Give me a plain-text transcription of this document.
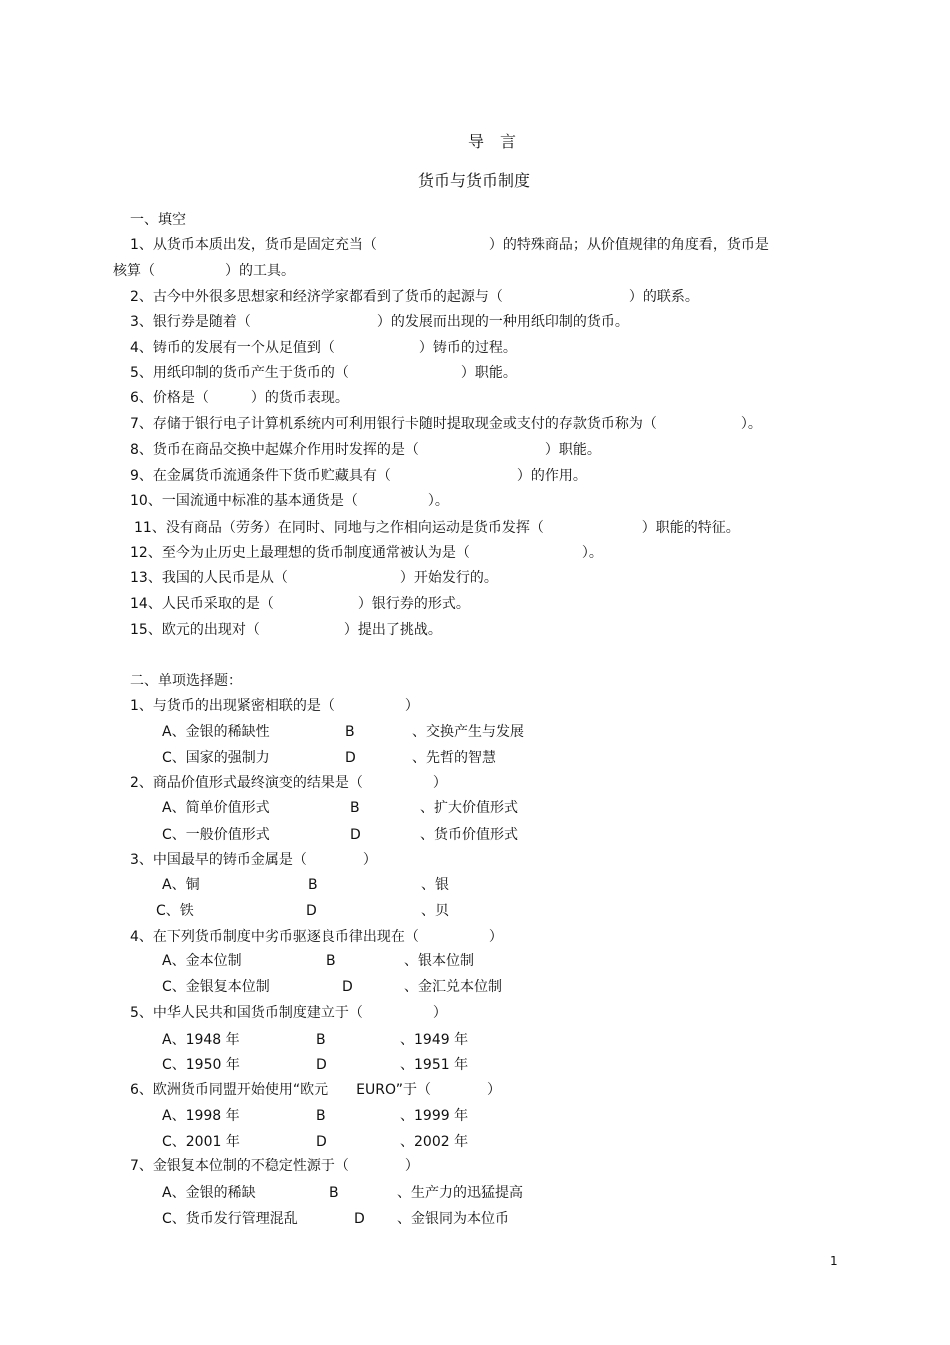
导　言
货币与货币制度
一、填空
1、从货币本质出发，货币是固定充当（　　　　　　　　）的特殊商品；从价值规律的角度看，货币是
核算（　　　　　）的工具。
2、古今中外很多思想家和经济学家都看到了货币的起源与（　　　　　　　　　）的联系。
3、银行券是随着（　　　　　　　　　）的发展而出现的一种用纸印制的货币。
4、铸币的发展有一个从足值到（　　　　　　）铸币的过程。
5、用纸印制的货币产生于货币的（　　　　　　　　）职能。
6、价格是（　　　）的货币表现。
7、存储于银行电子计算机系统内可利用银行卡随时提取现金或支付的存款货币称为（　　　　　　）。
8、货币在商品交换中起媒介作用时发挥的是（　　　　　　　　　）职能。
9、在金属货币流通条件下货币贮藏具有（　　　　　　　　　）的作用。
10、一国流通中标准的基本通货是（　　　　　）。
11、没有商品（劳务）在同时、同地与之作相向运动是货币发挥（　　　　　　　）职能的特征。
12、至今为止历史上最理想的货币制度通常被认为是（　　　　　　　　）。
13、我国的人民币是从（　　　　　　　　）开始发行的。
14、人民币采取的是（　　　　　　）银行券的形式。
15、欧元的出现对（　　　　　　）提出了挑战。
二、单项选择题：
1、与货币的出现紧密相联的是（　　　　　）
A、金银的稀缺性	B	、交换产生与发展
C、国家的强制力	D	、先哲的智慧
2、商品价值形式最终演变的结果是（　　　　　）
A、简单价值形式	B	、扩大价值形式
C、一般价值形式	D	、货币价值形式
3、中国最早的铸币金属是（　　　　）
A、铜	B	、银
C、铁	D	、贝
4、在下列货币制度中劣币驱逐良币律出现在（　　　　　）
A、金本位制	B	、银本位制
C、金银复本位制	D	、金汇兑本位制
5、中华人民共和国货币制度建立于（　　　　　）
A、1948 年	B	、1949 年
C、1950 年	D	、1951 年
6、欧洲货币同盟开始使用“欧元　　EURO”于（　　　　）
A、1998 年	B	、1999 年
C、2001 年	D	、2002 年
7、金银复本位制的不稳定性源于（　　　　）
A、金银的稀缺	B	、生产力的迅猛提高
C、货币发行管理混乱	D 、金银同为本位币
1
